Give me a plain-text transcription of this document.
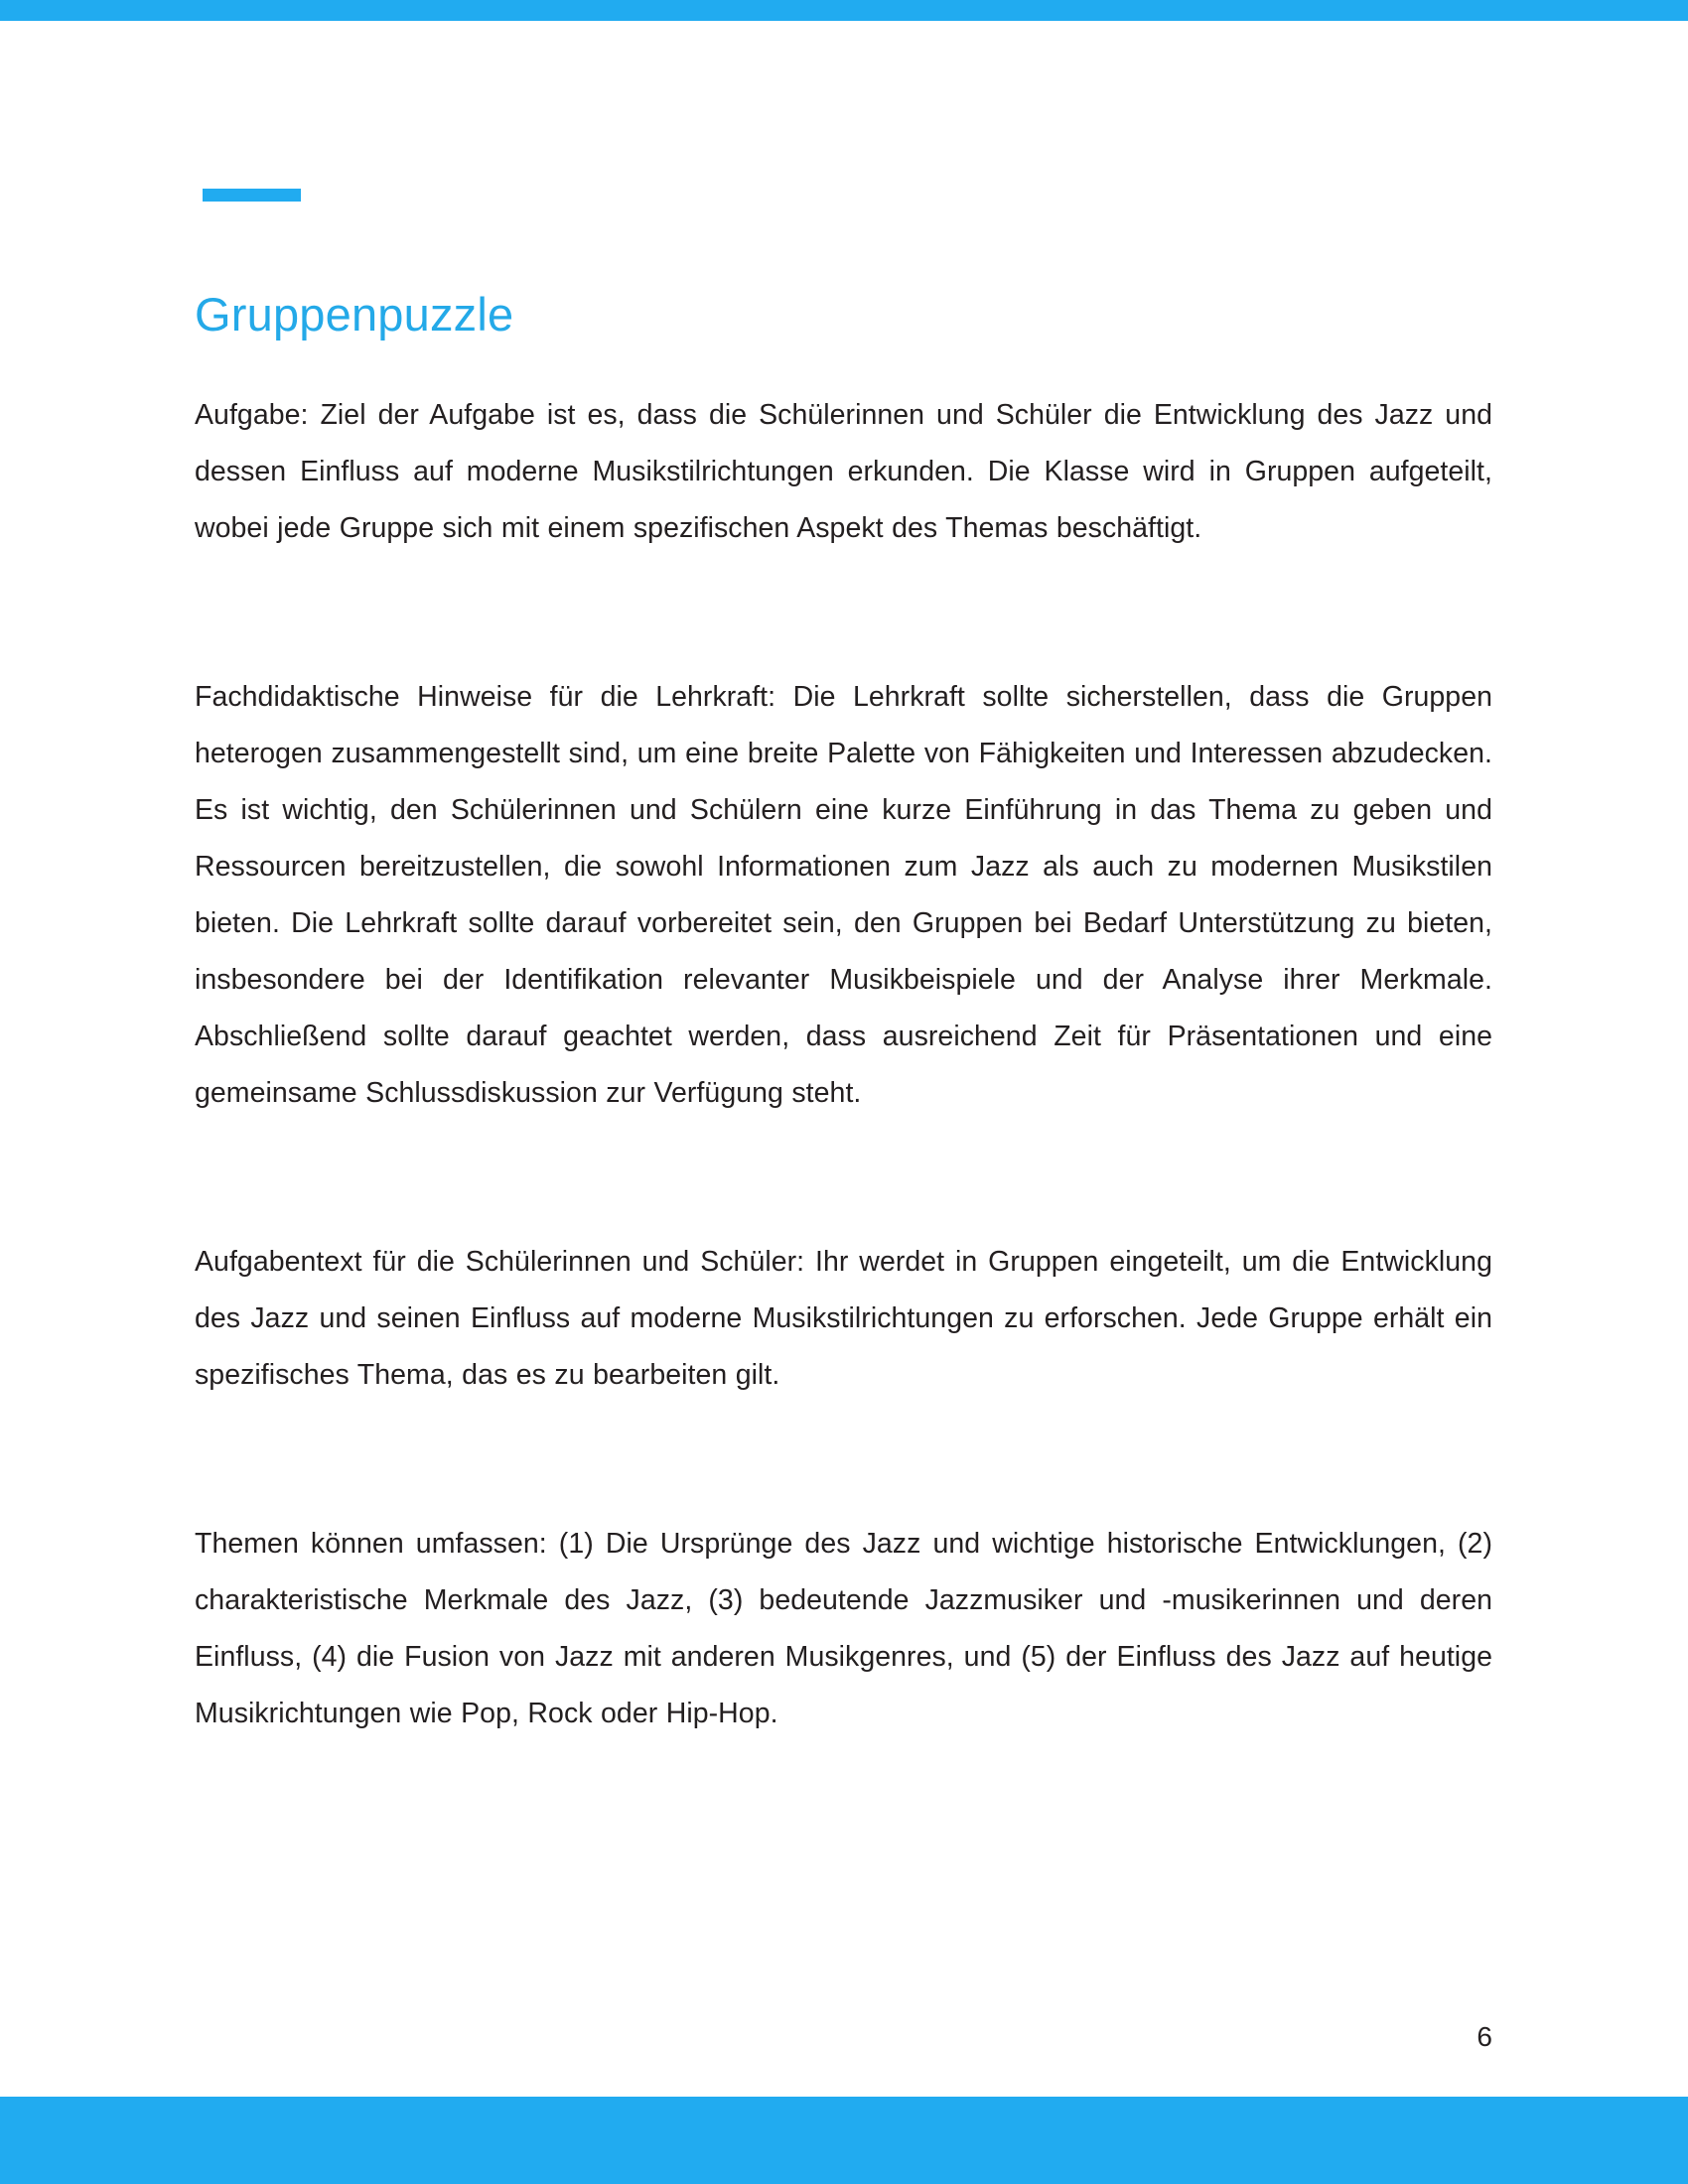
Gruppenpuzzle

Aufgabe: Ziel der Aufgabe ist es, dass die Schülerinnen und Schüler die Entwicklung des Jazz und dessen Einfluss auf moderne Musikstilrichtungen erkunden. Die Klasse wird in Gruppen aufgeteilt, wobei jede Gruppe sich mit einem spezifischen Aspekt des Themas beschäftigt.

Fachdidaktische Hinweise für die Lehrkraft: Die Lehrkraft sollte sicherstellen, dass die Gruppen heterogen zusammengestellt sind, um eine breite Palette von Fähigkeiten und Interessen abzudecken. Es ist wichtig, den Schülerinnen und Schülern eine kurze Einführung in das Thema zu geben und Ressourcen bereitzustellen, die sowohl Informationen zum Jazz als auch zu modernen Musikstilen bieten. Die Lehrkraft sollte darauf vorbereitet sein, den Gruppen bei Bedarf Unterstützung zu bieten, insbesondere bei der Identifikation relevanter Musikbeispiele und der Analyse ihrer Merkmale. Abschließend sollte darauf geachtet werden, dass ausreichend Zeit für Präsentationen und eine gemeinsame Schlussdiskussion zur Verfügung steht.

Aufgabentext für die Schülerinnen und Schüler: Ihr werdet in Gruppen eingeteilt, um die Entwicklung des Jazz und seinen Einfluss auf moderne Musikstilrichtungen zu erforschen. Jede Gruppe erhält ein spezifisches Thema, das es zu bearbeiten gilt.

Themen können umfassen: (1) Die Ursprünge des Jazz und wichtige historische Entwicklungen, (2) charakteristische Merkmale des Jazz, (3) bedeutende Jazzmusiker und -musikerinnen und deren Einfluss, (4) die Fusion von Jazz mit anderen Musikgenres, und (5) der Einfluss des Jazz auf heutige Musikrichtungen wie Pop, Rock oder Hip-Hop.

6
